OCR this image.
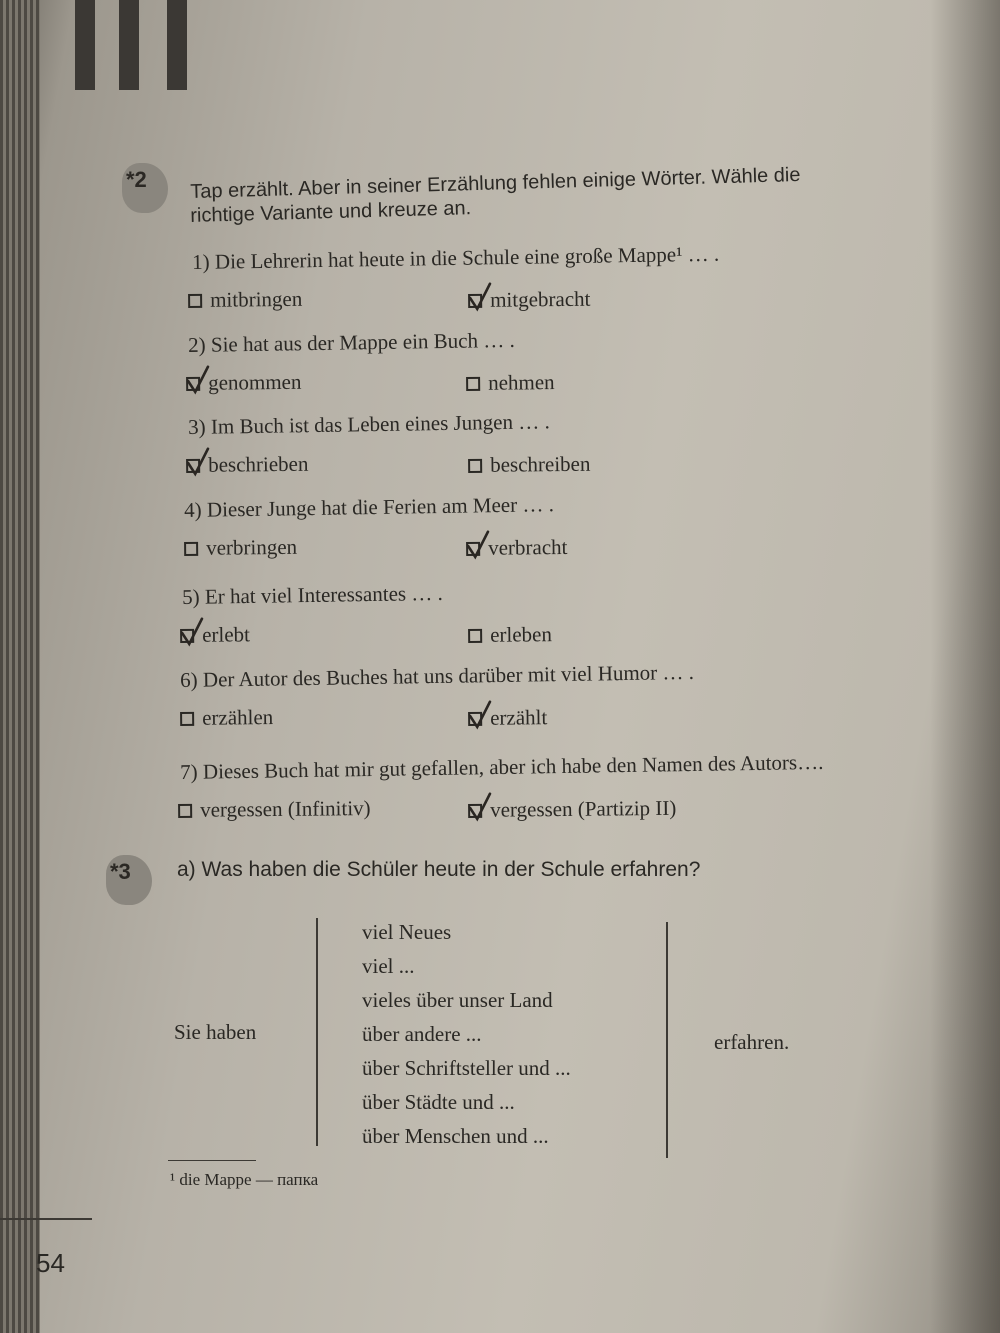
*2 Tap erzählt. Aber in seiner Erzählung fehlen einige Wörter. Wähle die
richtige Variante und kreuze an.
1) Die Lehrerin hat heute in die Schule eine große Mappe¹ … .
mitbringen	mitgebracht
2) Sie hat aus der Mappe ein Buch … .
genommen	nehmen
3) Im Buch ist das Leben eines Jungen … .
beschrieben	beschreiben
4) Dieser Junge hat die Ferien am Meer … .
verbringen	verbracht
5) Er hat viel Interessantes … .
erlebt	erleben
6) Der Autor des Buches hat uns darüber mit viel Humor … .
erzählen	erzählt
7) Dieses Buch hat mir gut gefallen, aber ich habe den Namen des Autors….
vergessen (Infinitiv)	vergessen (Partizip II)
*3 a) Was haben die Schüler heute in der Schule erfahren?
Sie haben
viel Neues
viel ...
vieles über unser Land
über andere ...
über Schriftsteller und ...
über Städte und ...
über Menschen und ...
erfahren.
¹ die Mappe — папка
54
